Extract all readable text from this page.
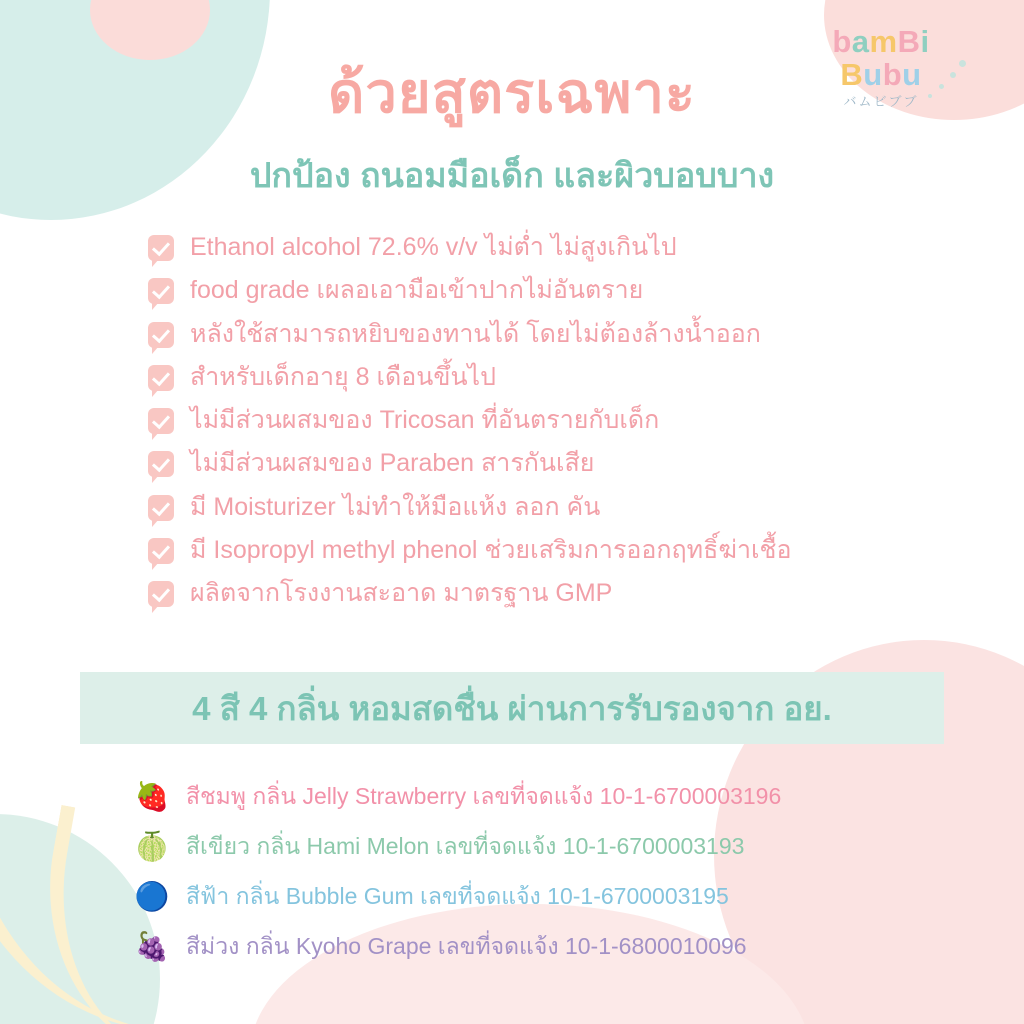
bamBi
Bubu
バムビブブ
ด้วยสูตรเฉพาะ
ปกป้อง ถนอมมือเด็ก และผิวบอบบาง
Ethanol alcohol 72.6% v/v ไม่ต่ำ ไม่สูงเกินไป
food grade เผลอเอามือเข้าปากไม่อันตราย
หลังใช้สามารถหยิบของทานได้ โดยไม่ต้องล้างน้ำออก
สำหรับเด็กอายุ 8 เดือนขึ้นไป
ไม่มีส่วนผสมของ Tricosan ที่อันตรายกับเด็ก
ไม่มีส่วนผสมของ Paraben สารกันเสีย
มี Moisturizer ไม่ทำให้มือแห้ง ลอก คัน
มี Isopropyl methyl phenol ช่วยเสริมการออกฤทธิ์ฆ่าเชื้อ
ผลิตจากโรงงานสะอาด มาตรฐาน GMP
4 สี 4 กลิ่น หอมสดชื่น ผ่านการรับรองจาก อย.
🍓 สีชมพู กลิ่น Jelly Strawberry เลขที่จดแจ้ง 10-1-6700003196
🍈 สีเขียว กลิ่น Hami Melon เลขที่จดแจ้ง 10-1-6700003193
🔵 สีฟ้า กลิ่น Bubble Gum เลขที่จดแจ้ง 10-1-6700003195
🍇 สีม่วง กลิ่น Kyoho Grape เลขที่จดแจ้ง 10-1-6800010096
